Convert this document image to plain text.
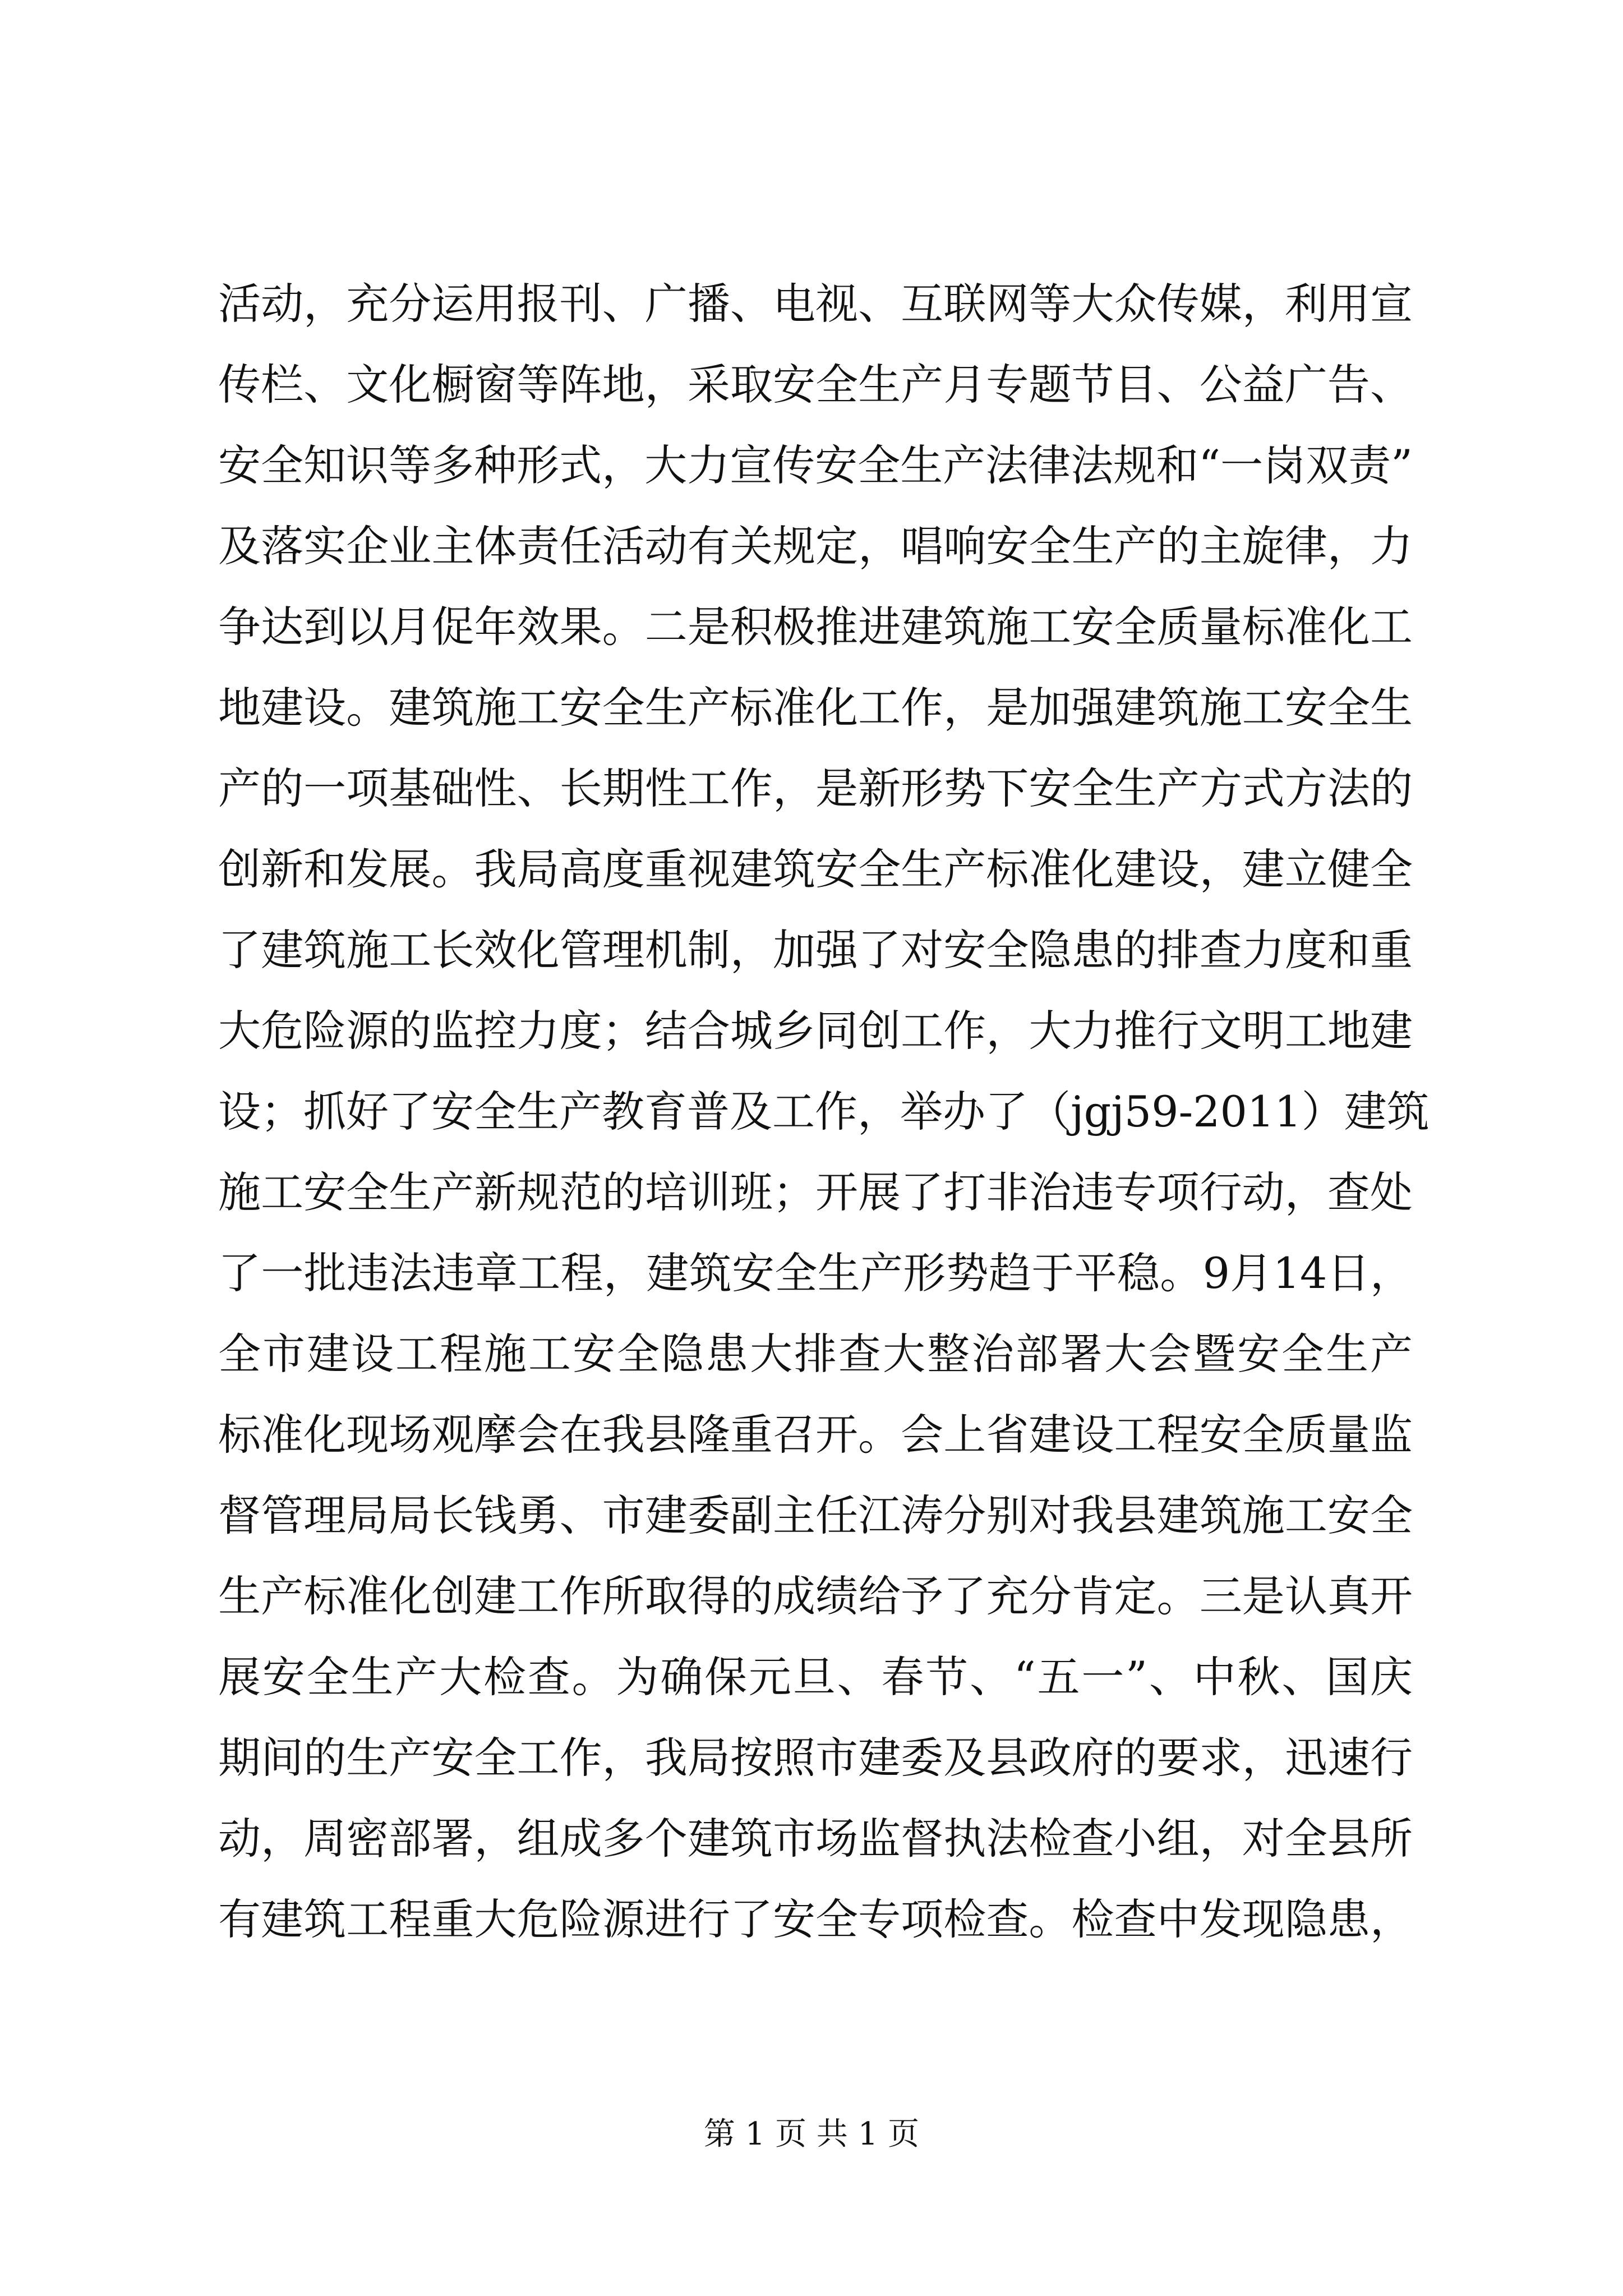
活动，充分运用报刊、广播、电视、互联网等大众传媒，利用宣
传栏、文化橱窗等阵地，采取安全生产月专题节目、公益广告、
安全知识等多种形式，大力宣传安全生产法律法规和“一岗双责”
及落实企业主体责任活动有关规定，唱响安全生产的主旋律，力
争达到以月促年效果。二是积极推进建筑施工安全质量标准化工
地建设。建筑施工安全生产标准化工作，是加强建筑施工安全生
产的一项基础性、长期性工作，是新形势下安全生产方式方法的
创新和发展。我局高度重视建筑安全生产标准化建设，建立健全
了建筑施工长效化管理机制，加强了对安全隐患的排查力度和重
大危险源的监控力度；结合城乡同创工作，大力推行文明工地建
设；抓好了安全生产教育普及工作，举办了（jgj59-2011）建筑
施工安全生产新规范的培训班；开展了打非治违专项行动，查处
了一批违法违章工程，建筑安全生产形势趋于平稳。9月14日，
全市建设工程施工安全隐患大排查大整治部署大会暨安全生产
标准化现场观摩会在我县隆重召开。会上省建设工程安全质量监
督管理局局长钱勇、市建委副主任江涛分别对我县建筑施工安全
生产标准化创建工作所取得的成绩给予了充分肯定。三是认真开
展安全生产大检查。为确保元旦、春节、“五一”、中秋、国庆
期间的生产安全工作，我局按照市建委及县政府的要求，迅速行
动，周密部署，组成多个建筑市场监督执法检查小组，对全县所
有建筑工程重大危险源进行了安全专项检查。检查中发现隐患，
第 1 页 共 1 页
